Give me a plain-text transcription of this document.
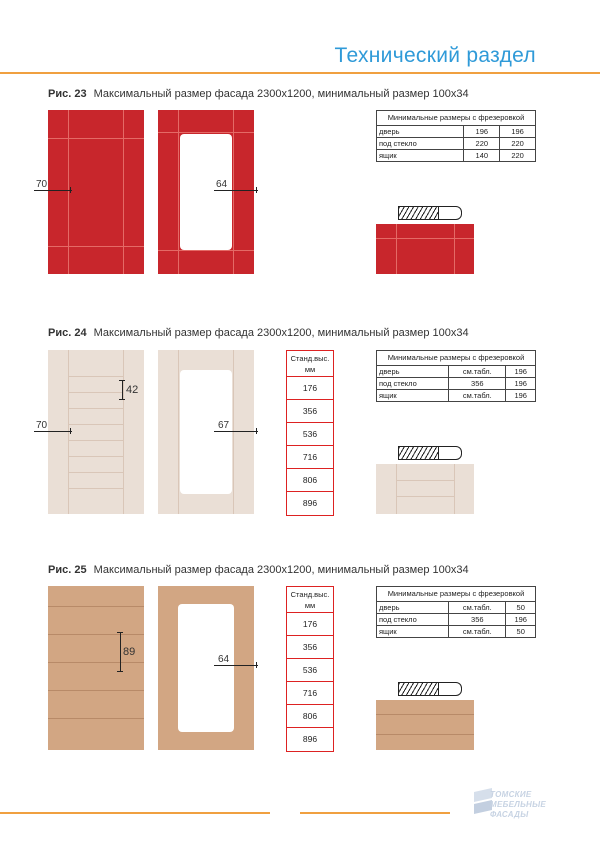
Технический раздел
Рис. 23 Максимальный размер фасада 2300х1200, минимальный размер 100х34
70	64
Минимальные размеры с фрезеровкой		
дверь	196	196
под стекло	220	220
ящик	140	220
Рис. 24 Максимальный размер фасада 2300х1200, минимальный размер 100х34
42
70	67
Станд.выс. мм
176
356
536
716
806
896
Минимальные размеры с фрезеровкой		
дверь	см.табл.	196
под стекло	356	196
ящик	см.табл.	196
Рис. 25 Максимальный размер фасада 2300х1200, минимальный размер 100х34
89
64
Станд.выс. мм
176
356
536
716
806
896
Минимальные размеры с фрезеровкой		
дверь	см.табл.	50
под стекло	356	196
ящик	см.табл.	50
ТОМСКИЕ
МЕБЕЛЬНЫЕ
ФАСАДЫ
